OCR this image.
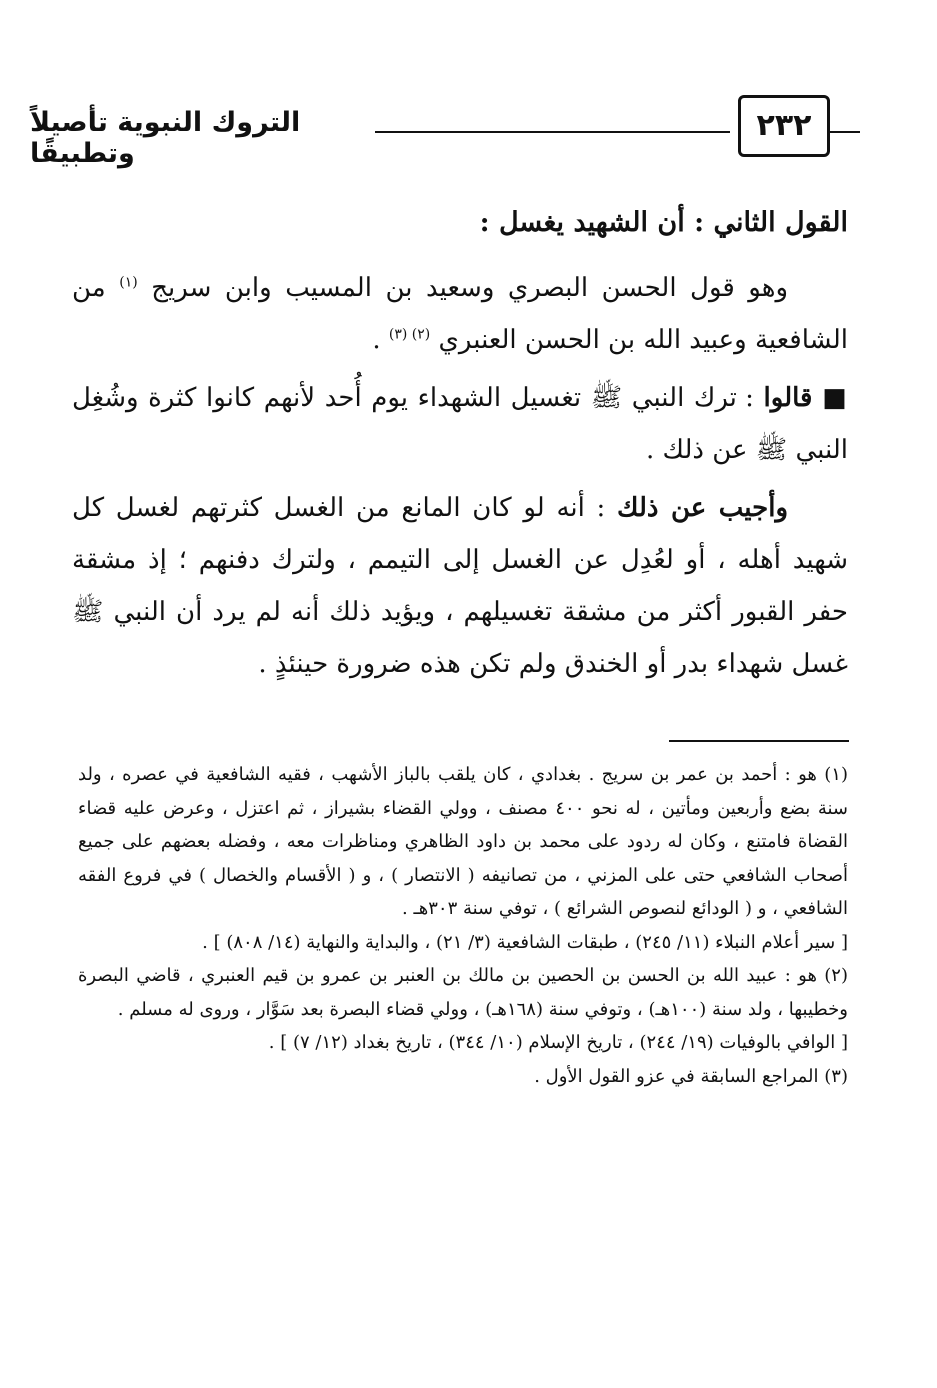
التروك النبوية تأصيلاً وتطبيقًا
٢٣٢

القول الثاني : أن الشهيد يغسل :

وهو قول الحسن البصري وسعيد بن المسيب وابن سريج $^{(١)}$ من الشافعية وعبيد الله بن الحسن العنبري $^{(٢) (٣)}$ .

■ قالوا : ترك النبي ﷺ تغسيل الشهداء يوم أُحد لأنهم كانوا كثرة وشُغِل النبي ﷺ عن ذلك .

وأجيب عن ذلك : أنه لو كان المانع من الغسل كثرتهم لغسل كل شهيد أهله ، أو لعُدِل عن الغسل إلى التيمم ، ولترك دفنهم ؛ إذ مشقة حفر القبور أكثر من مشقة تغسيلهم ، ويؤيد ذلك أنه لم يرد أن النبي ﷺ غسل شهداء بدر أو الخندق ولم تكن هذه ضرورة حينئذٍ .

(١) هو : أحمد بن عمر بن سريج . بغدادي ، كان يلقب بالباز الأشهب ، فقيه الشافعية في عصره ، ولد سنة بضع وأربعين ومأتين ، له نحو ٤٠٠ مصنف ، وولي القضاء بشيراز ، ثم اعتزل ، وعرض عليه قضاء القضاة فامتنع ، وكان له ردود على محمد بن داود الظاهري ومناظرات معه ، وفضله بعضهم على جميع أصحاب الشافعي حتى على المزني ، من تصانيفه ( الانتصار ) ، و ( الأقسام والخصال ) في فروع الفقه الشافعي ، و ( الودائع لنصوص الشرائع ) ، توفي سنة ٣٠٣هـ .

[ سير أعلام النبلاء (١١/ ٢٤٥) ، طبقات الشافعية (٣/ ٢١) ، والبداية والنهاية (١٤/ ٨٠٨) ] .

(٢) هو : عبيد الله بن الحسن بن الحصين بن مالك بن العنبر بن عمرو بن قيم العنبري ، قاضي البصرة وخطيبها ، ولد سنة (١٠٠هـ) ، وتوفي سنة (١٦٨هـ) ، وولي قضاء البصرة بعد سَوَّار ، وروى له مسلم .

[ الوافي بالوفيات (١٩/ ٢٤٤) ، تاريخ الإسلام (١٠/ ٣٤٤) ، تاريخ بغداد (١٢/ ٧) ] .

(٣) المراجع السابقة في عزو القول الأول .
